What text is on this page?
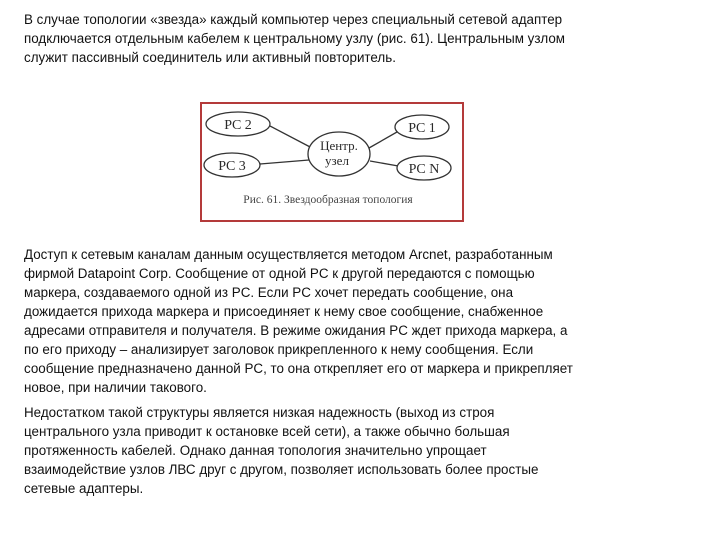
В случае топологии «звезда» каждый компьютер через специальный сетевой адаптер
подключается отдельным кабелем к центральному узлу (рис. 61). Центральным узлом
служит пассивный соединитель или активный повторитель.

PC 2
PC 3
PC 1
PC N
Центр.
узел
Рис. 61. Звездообразная топология

Доступ к сетевым каналам данным осуществляется методом Arcnet, разработанным
фирмой Datapoint Corp. Сообщение от одной PC к другой передаются с помощью
маркера, создаваемого одной из PC. Если PC хочет передать сообщение, она
дожидается прихода маркера и присоединяет к нему свое сообщение, снабженное
адресами отправителя и получателя. В режиме ожидания PC ждет прихода маркера, а
по его приходу – анализирует заголовок прикрепленного к нему сообщения. Если
сообщение предназначено данной PC, то она открепляет его от маркера и прикрепляет
новое, при наличии такового.

Недостатком такой структуры является низкая надежность (выход из строя
центрального узла приводит к остановке всей сети), а также обычно большая
протяженность кабелей. Однако данная топология значительно упрощает
взаимодействие узлов ЛВС друг с другом, позволяет использовать более простые
сетевые адаптеры.
